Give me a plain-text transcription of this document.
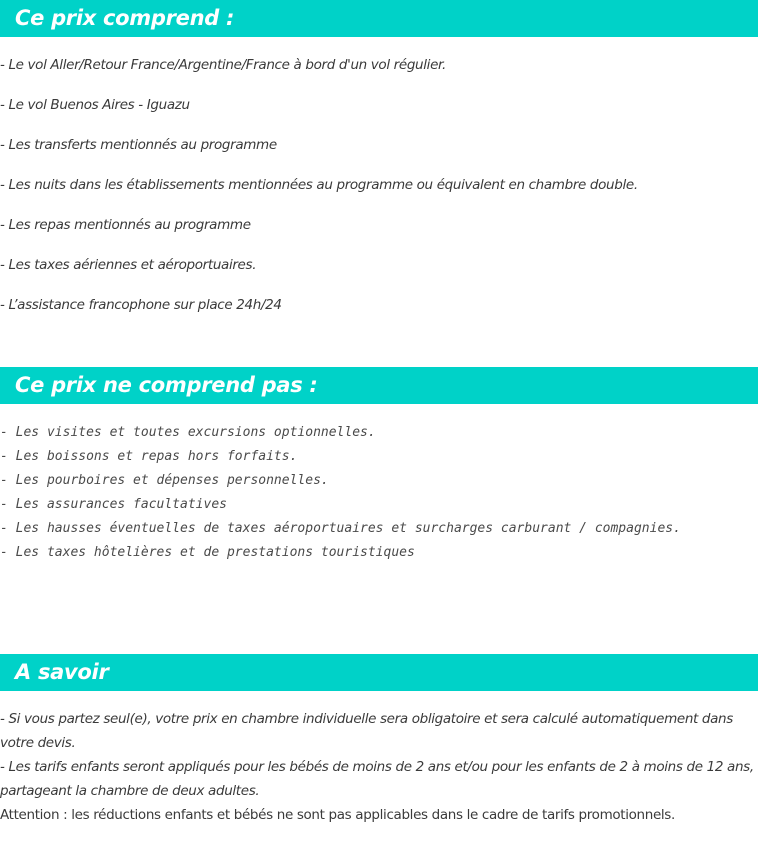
Ce prix comprend :
- Le vol Aller/Retour France/Argentine/France à bord d'un vol régulier.
- Le vol Buenos Aires - Iguazu
- Les transferts mentionnés au programme
- Les nuits dans les établissements mentionnées au programme ou équivalent en chambre double.
- Les repas mentionnés au programme
- Les taxes aériennes et aéroportuaires.
- L’assistance francophone sur place 24h/24
Ce prix ne comprend pas :
- Les visites et toutes excursions optionnelles.
- Les boissons et repas hors forfaits.
- Les pourboires et dépenses personnelles.
- Les assurances facultatives
- Les hausses éventuelles de taxes aéroportuaires et surcharges carburant / compagnies.
- Les taxes hôtelières et de prestations touristiques
A savoir

- Si vous partez seul(e), votre prix en chambre individuelle sera obligatoire et sera calculé automatiquement dans votre devis.

- Les tarifs enfants seront appliqués pour les bébés de moins de 2 ans et/ou pour les enfants de 2 à moins de 12 ans, partageant la chambre de deux adultes.

Attention : les réductions enfants et bébés ne sont pas applicables dans le cadre de tarifs promotionnels.
